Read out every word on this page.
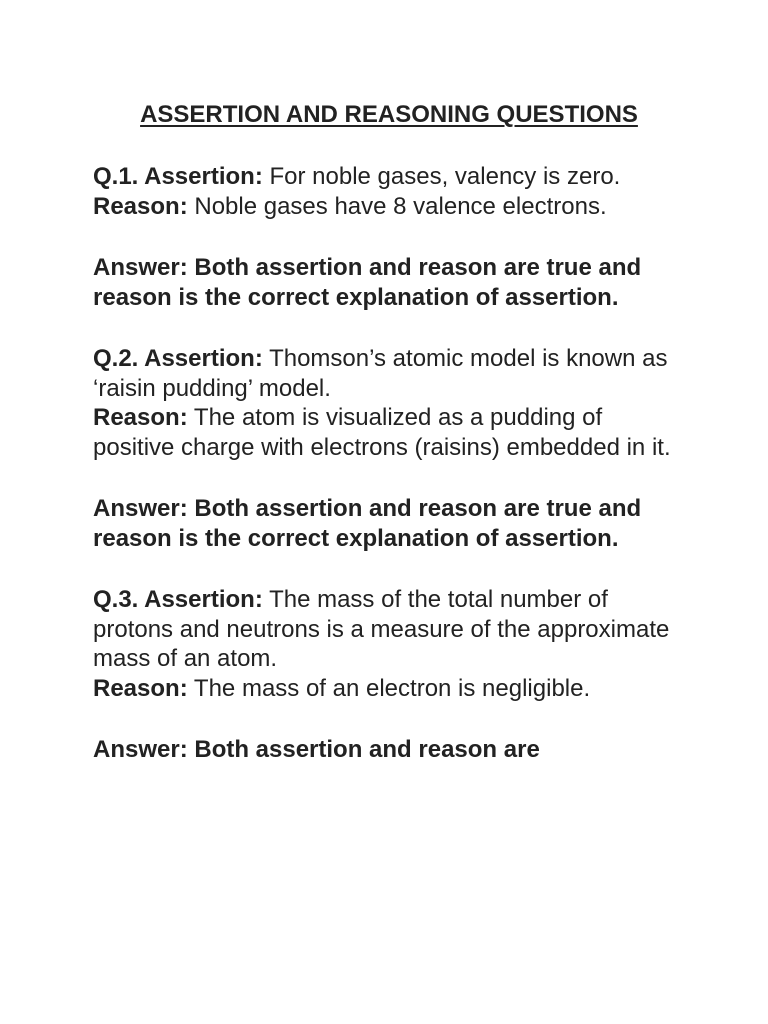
ASSERTION AND REASONING QUESTIONS

Q.1. Assertion: For noble gases, valency is zero.

Reason: Noble gases have 8 valence electrons.

Answer: Both assertion and reason are true and reason is the correct explanation of assertion.

Q.2. Assertion: Thomson’s atomic model is known as ‘raisin pudding’ model.

Reason: The atom is visualized as a pudding of positive charge with electrons (raisins) embedded in it.

Answer: Both assertion and reason are true and reason is the correct explanation of assertion.

Q.3. Assertion: The mass of the total number of protons and neutrons is a measure of the approximate mass of an atom.

Reason: The mass of an electron is negligible.

Answer: Both assertion and reason are
